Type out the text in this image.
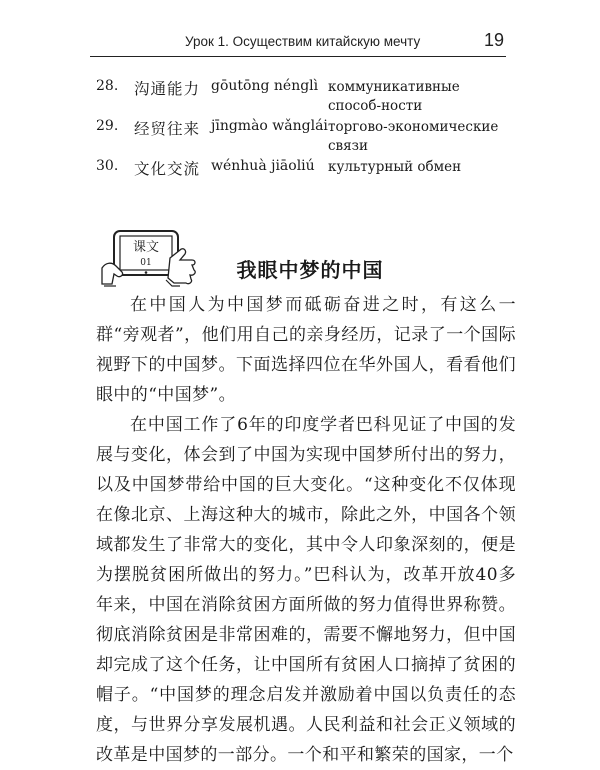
Урок 1. Осуществим китайскую мечту	19
28.	沟通能力 gōutōng nénglì коммуникативные способ-ности
29.	经贸往来 jīngmào wǎnglái торгово-экономические связи
30.	文化交流 wénhuà jiāoliú культурный обмен
课文
01	我眼中梦的中国

在中国人为中国梦而砥砺奋进之时，有这么一群“旁观者”，他们用自己的亲身经历，记录了一个国际视野下的中国梦。下面选择四位在华外国人，看看他们眼中的“中国梦”。

在中国工作了6年的印度学者巴科见证了中国的发展与变化，体会到了中国为实现中国梦所付出的努力，以及中国梦带给中国的巨大变化。“这种变化不仅体现在像北京、上海这种大的城市，除此之外，中国各个领域都发生了非常大的变化，其中令人印象深刻的，便是为摆脱贫困所做出的努力。”巴科认为，改革开放40多年来，中国在消除贫困方面所做的努力值得世界称赞。彻底消除贫困是非常困难的，需要不懈地努力，但中国却完成了这个任务，让中国所有贫困人口摘掉了贫困的帽子。“中国梦的理念启发并激励着中国以负责任的态度，与世界分享发展机遇。人民利益和社会正义领域的改革是中国梦的一部分。一个和平和繁荣的国家，一个
